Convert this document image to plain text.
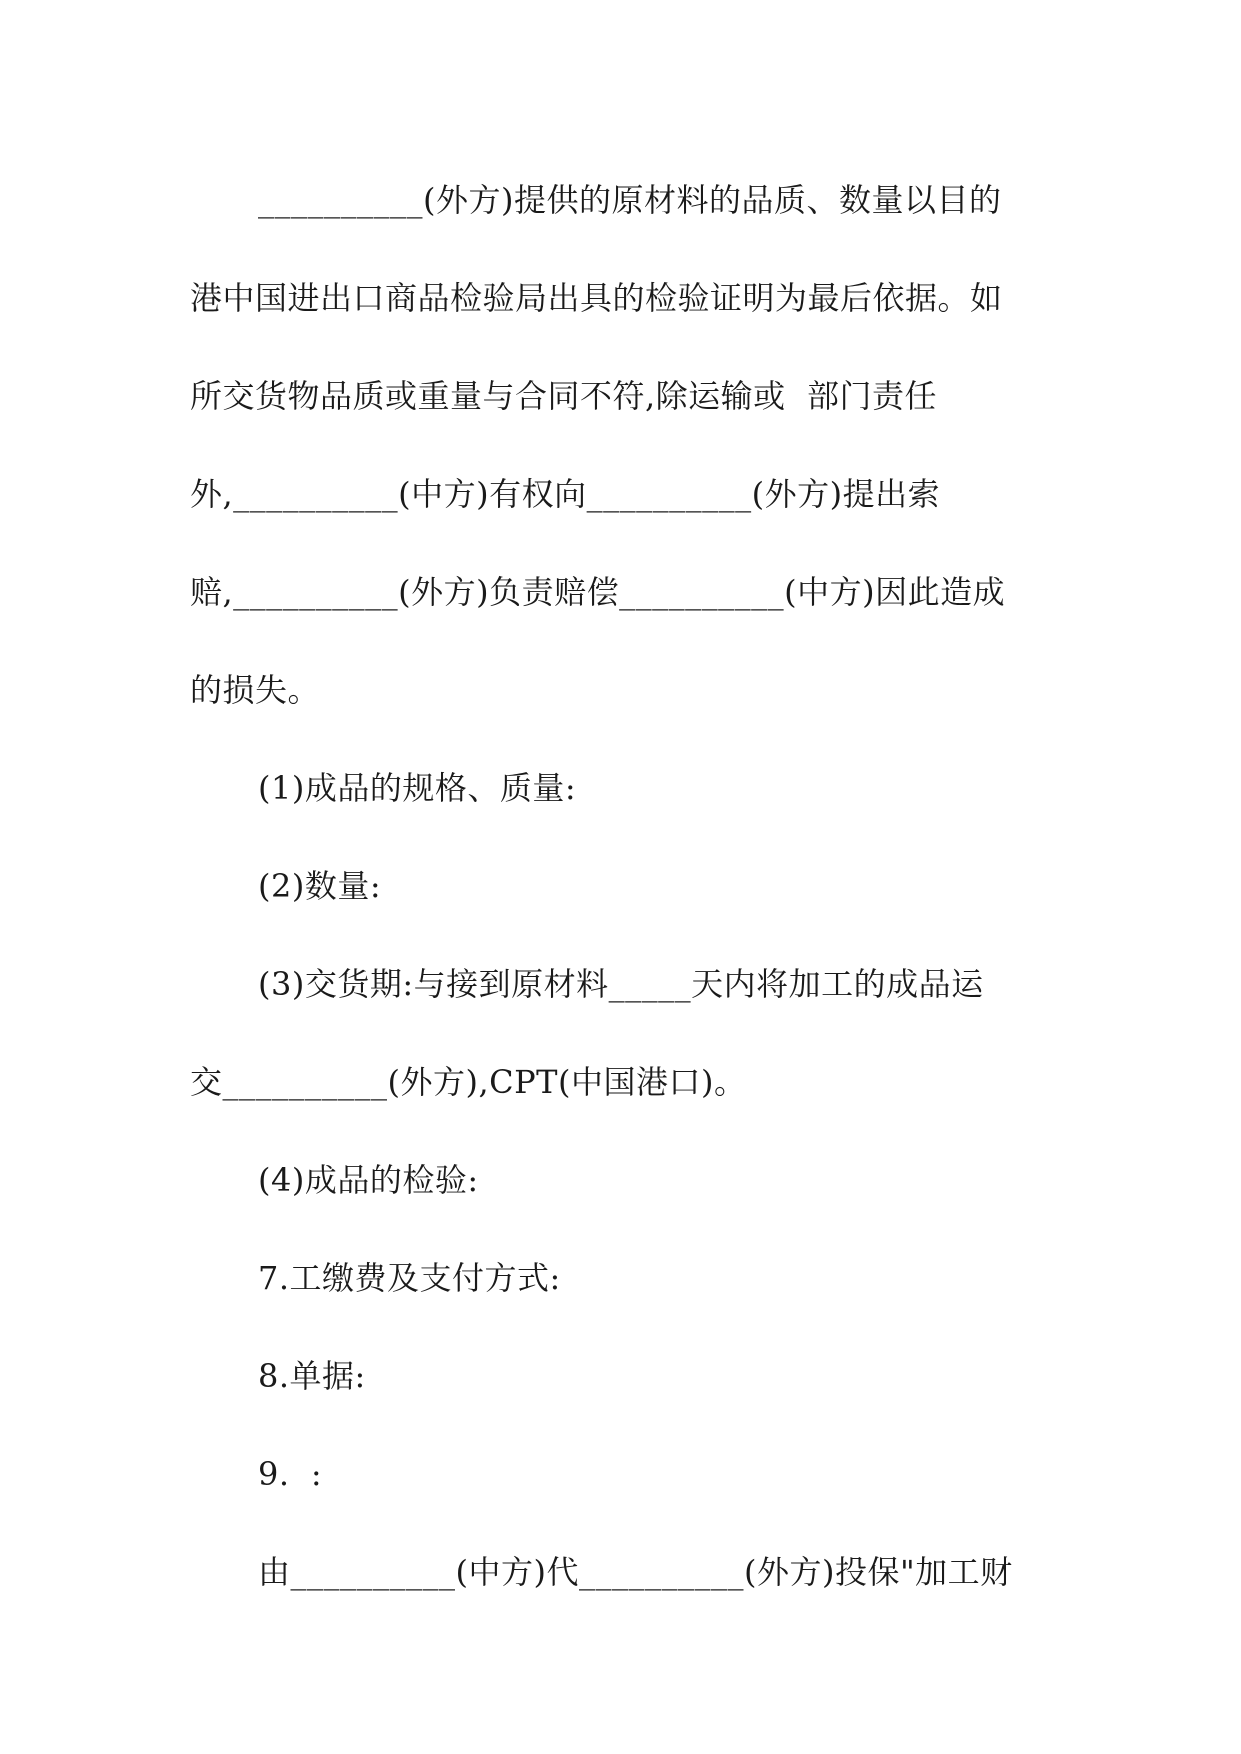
__________(外方)提供的原材料的品质、数量以目的
港中国进出口商品检验局出具的检验证明为最后依据。如
所交货物品质或重量与合同不符,除运输或  部门责任
外,__________(中方)有权向__________(外方)提出索
赔,__________(外方)负责赔偿__________(中方)因此造成
的损失。
(1)成品的规格、质量:
(2)数量:
(3)交货期:与接到原材料_____天内将加工的成品运
交__________(外方),CPT(中国港口)。
(4)成品的检验:
7.工缴费及支付方式:
8.单据:
9.  :
由__________(中方)代__________(外方)投保"加工财
